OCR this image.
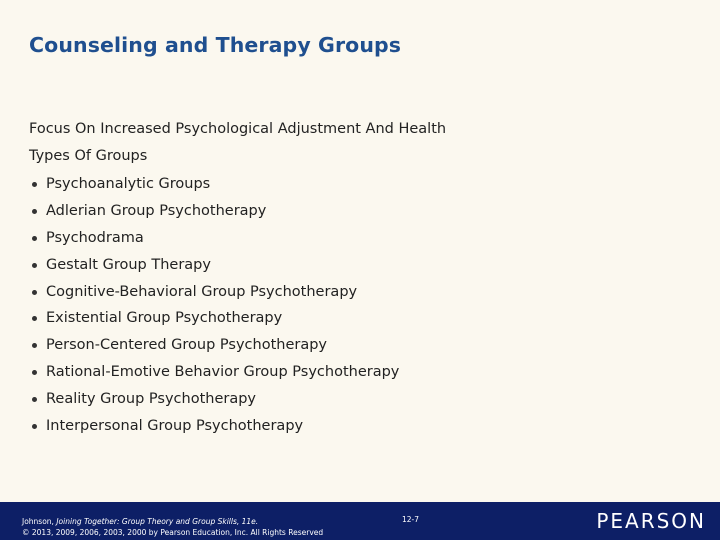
Counseling and Therapy Groups
Focus On Increased Psychological Adjustment And Health
Types Of Groups
Psychoanalytic Groups
Adlerian Group Psychotherapy
Psychodrama
Gestalt Group Therapy
Cognitive-Behavioral Group Psychotherapy
Existential Group Psychotherapy
Person-Centered Group Psychotherapy
Rational-Emotive Behavior Group Psychotherapy
Reality Group Psychotherapy
Interpersonal Group Psychotherapy
Johnson, Joining Together: Group Theory and Group Skills, 11e.
© 2013, 2009, 2006, 2003, 2000 by Pearson Education, Inc. All Rights Reserved
12-7	PEARSON
